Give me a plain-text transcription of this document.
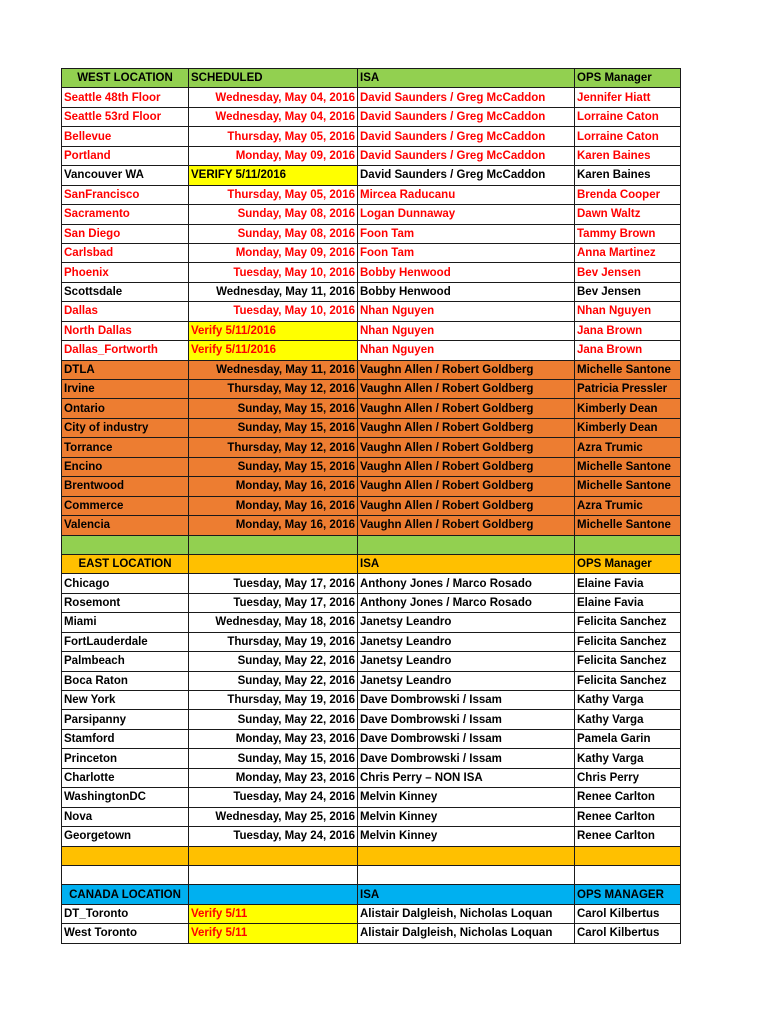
WEST LOCATION	SCHEDULED	ISA	OPS Manager
Seattle 48th Floor	Wednesday, May 04, 2016	David Saunders / Greg McCaddon	Jennifer Hiatt
Seattle 53rd Floor	Wednesday, May 04, 2016	David Saunders / Greg McCaddon	Lorraine Caton
Bellevue	Thursday, May 05, 2016	David Saunders / Greg McCaddon	Lorraine Caton
Portland	Monday, May 09, 2016	David Saunders / Greg McCaddon	Karen Baines
Vancouver WA	VERIFY 5/11/2016	David Saunders / Greg McCaddon	Karen Baines
SanFrancisco	Thursday, May 05, 2016	Mircea Raducanu	Brenda Cooper
Sacramento	Sunday, May 08, 2016	Logan Dunnaway	Dawn Waltz
San Diego	Sunday, May 08, 2016	Foon Tam	Tammy Brown
Carlsbad	Monday, May 09, 2016	Foon Tam	Anna Martinez
Phoenix	Tuesday, May 10, 2016	Bobby Henwood	Bev Jensen
Scottsdale	Wednesday, May 11, 2016	Bobby Henwood	Bev Jensen
Dallas	Tuesday, May 10, 2016	Nhan Nguyen	Nhan Nguyen
North Dallas	Verify 5/11/2016	Nhan Nguyen	Jana Brown
Dallas_Fortworth	Verify 5/11/2016	Nhan Nguyen	Jana Brown
DTLA	Wednesday, May 11, 2016	Vaughn Allen / Robert Goldberg	Michelle Santone
Irvine	Thursday, May 12, 2016	Vaughn Allen / Robert Goldberg	Patricia Pressler
Ontario	Sunday, May 15, 2016	Vaughn Allen / Robert Goldberg	Kimberly Dean
City of industry	Sunday, May 15, 2016	Vaughn Allen / Robert Goldberg	Kimberly Dean
Torrance	Thursday, May 12, 2016	Vaughn Allen / Robert Goldberg	Azra Trumic
Encino	Sunday, May 15, 2016	Vaughn Allen / Robert Goldberg	Michelle Santone
Brentwood	Monday, May 16, 2016	Vaughn Allen / Robert Goldberg	Michelle Santone
Commerce	Monday, May 16, 2016	Vaughn Allen / Robert Goldberg	Azra Trumic
Valencia	Monday, May 16, 2016	Vaughn Allen / Robert Goldberg	Michelle Santone

EAST LOCATION		ISA	OPS Manager
Chicago	Tuesday, May 17, 2016	Anthony Jones / Marco Rosado	Elaine Favia
Rosemont	Tuesday, May 17, 2016	Anthony Jones / Marco Rosado	Elaine Favia
Miami	Wednesday, May 18, 2016	Janetsy Leandro	Felicita Sanchez
FortLauderdale	Thursday, May 19, 2016	Janetsy Leandro	Felicita Sanchez
Palmbeach	Sunday, May 22, 2016	Janetsy Leandro	Felicita Sanchez
Boca Raton	Sunday, May 22, 2016	Janetsy Leandro	Felicita Sanchez
New York	Thursday, May 19, 2016	Dave Dombrowski / Issam	Kathy Varga
Parsipanny	Sunday, May 22, 2016	Dave Dombrowski / Issam	Kathy Varga
Stamford	Monday, May 23, 2016	Dave Dombrowski / Issam	Pamela Garin
Princeton	Sunday, May 15, 2016	Dave Dombrowski / Issam	Kathy Varga
Charlotte	Monday, May 23, 2016	Chris Perry – NON ISA	Chris Perry
WashingtonDC	Tuesday, May 24, 2016	Melvin Kinney	Renee Carlton
Nova	Wednesday, May 25, 2016	Melvin Kinney	Renee Carlton
Georgetown	Tuesday, May 24, 2016	Melvin Kinney	Renee Carlton

CANADA LOCATION		ISA	OPS MANAGER
DT_Toronto	Verify 5/11	Alistair Dalgleish, Nicholas Loquan	Carol Kilbertus
West Toronto	Verify 5/11	Alistair Dalgleish, Nicholas Loquan	Carol Kilbertus
